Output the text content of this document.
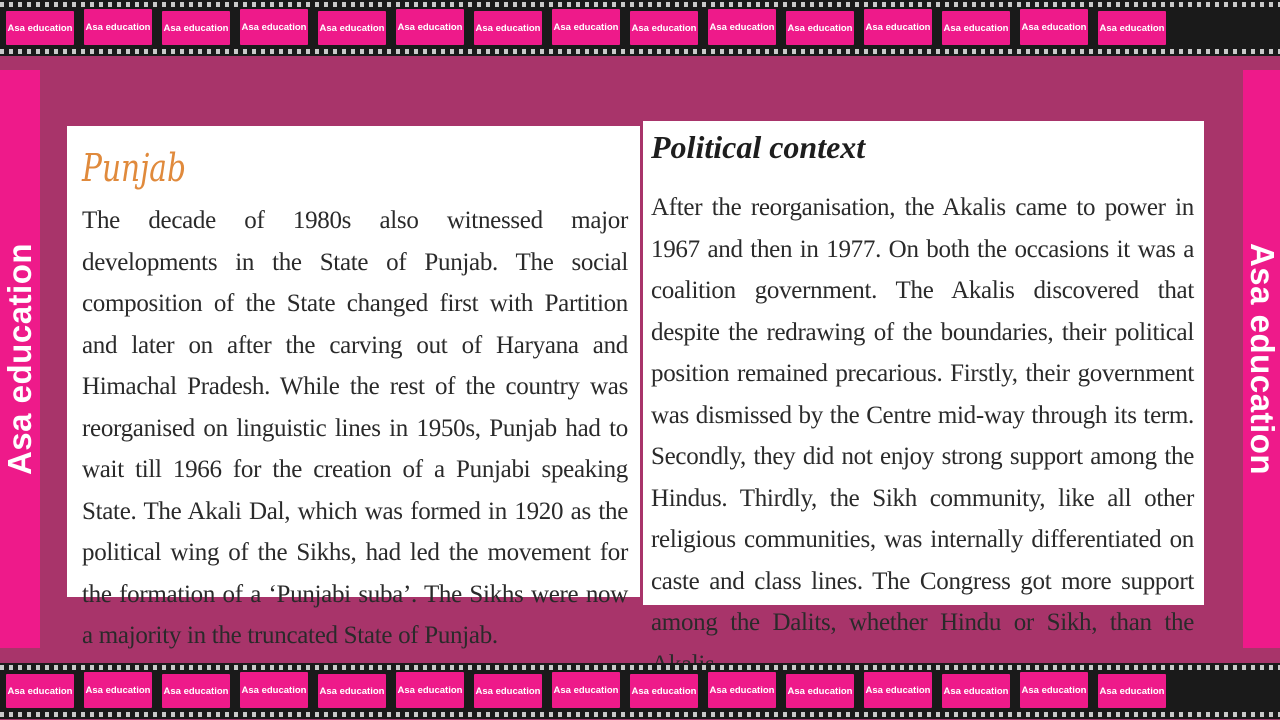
Asa education Asa education Asa education Asa education Asa education Asa education Asa education Asa education Asa education Asa education Asa education Asa education Asa education Asa education Asa education
Asa education	Asa education
Punjab
The decade of 1980s also witnessed major developments in the State of Punjab. The social composition of the State changed first with Partition and later on after the carving out of Haryana and Himachal Pradesh. While the rest of the country was reorganised on linguistic lines in 1950s, Punjab had to wait till 1966 for the creation of a Punjabi speaking State. The Akali Dal, which was formed in 1920 as the political wing of the Sikhs, had led the movement for the formation of a ‘Punjabi suba’. The Sikhs were now a majority in the truncated State of Punjab.
Political context
After the reorganisation, the Akalis came to power in 1967 and then in 1977. On both the occasions it was a coalition government. The Akalis discovered that despite the redrawing of the boundaries, their political position remained precarious. Firstly, their government was dismissed by the Centre mid-way through its term. Secondly, they did not enjoy strong support among the Hindus. Thirdly, the Sikh community, like all other religious communities, was internally differentiated on caste and class lines. The Congress got more support among the Dalits, whether Hindu or Sikh, than the
Asa education Asa education Asa education Asa education Asa education Asa education Asa education Asa education Asa education Asa education Asa education Asa education Asa education Asa education Asa education
